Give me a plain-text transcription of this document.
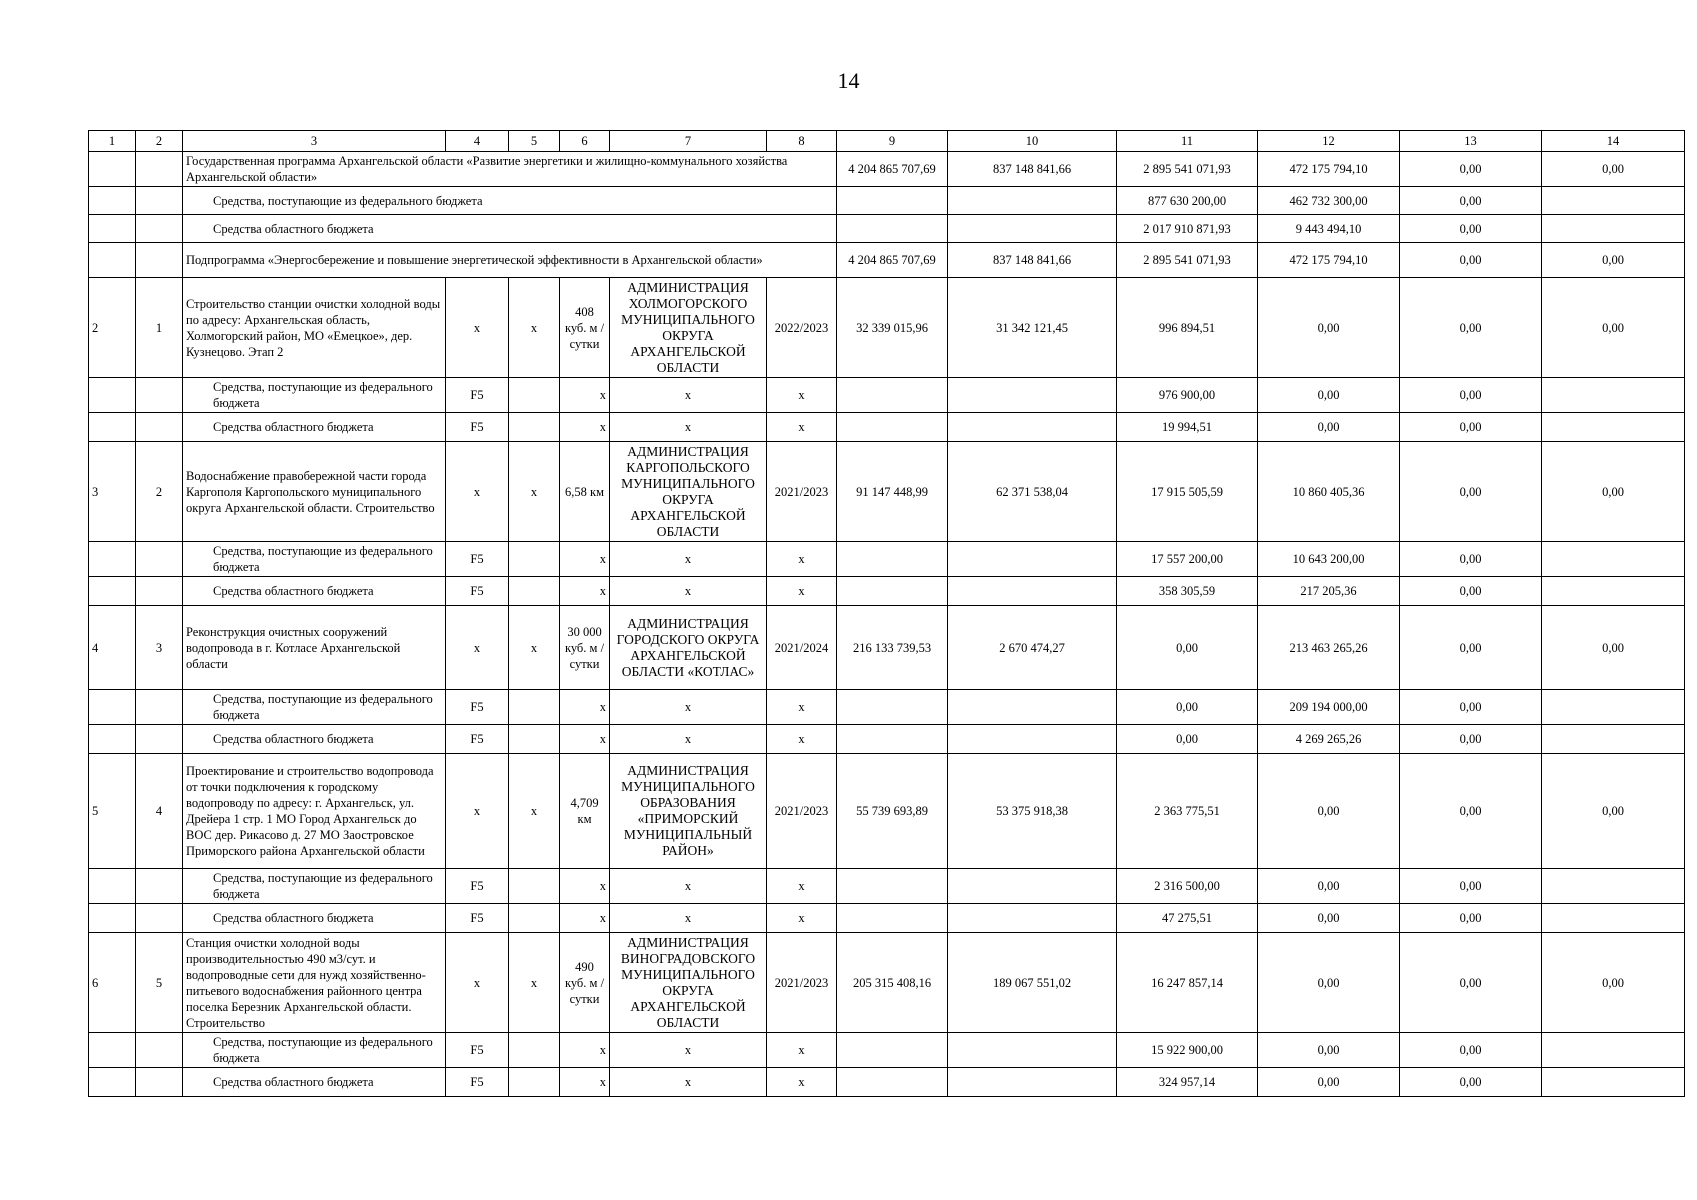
14
1	2	3	4	5	6	7	8	9	10	11	12	13	14
		Государственная программа Архангельской области «Развитие энергетики и жилищно-коммунального хозяйства Архангельской области»						4 204 865 707,69	837 148 841,66	2 895 541 071,93	472 175 794,10	0,00	0,00
		Средства, поступающие из федерального бюджета								877 630 200,00	462 732 300,00	0,00	
		Средства областного бюджета								2 017 910 871,93	9 443 494,10	0,00	
		Подпрограмма «Энергосбережение и повышение энергетической эффективности в Архангельской области»						4 204 865 707,69	837 148 841,66	2 895 541 071,93	472 175 794,10	0,00	0,00
2	1	Строительство станции очистки холодной воды по адресу: Архангельская область, Холмогорский район, МО «Емецкое», дер. Кузнецово. Этап 2	x	x	408 куб. м / сутки	АДМИНИСТРАЦИЯ ХОЛМОГОРСКОГО МУНИЦИПАЛЬНОГО ОКРУГА АРХАНГЕЛЬСКОЙ ОБЛАСТИ	2022/2023	32 339 015,96	31 342 121,45	996 894,51	0,00	0,00	0,00
		Средства, поступающие из федерального бюджета	F5		x	x	x			976 900,00	0,00	0,00	
		Средства областного бюджета	F5		x	x	x			19 994,51	0,00	0,00	
3	2	Водоснабжение правобережной части города Каргополя Каргопольского муниципального округа Архангельской области. Строительство	x	x	6,58 км	АДМИНИСТРАЦИЯ КАРГОПОЛЬСКОГО МУНИЦИПАЛЬНОГО ОКРУГА АРХАНГЕЛЬСКОЙ ОБЛАСТИ	2021/2023	91 147 448,99	62 371 538,04	17 915 505,59	10 860 405,36	0,00	0,00
		Средства, поступающие из федерального бюджета	F5		x	x	x			17 557 200,00	10 643 200,00	0,00	
		Средства областного бюджета	F5		x	x	x			358 305,59	217 205,36	0,00	
4	3	Реконструкция очистных сооружений водопровода в г. Котласе Архангельской области	x	x	30 000 куб. м / сутки	АДМИНИСТРАЦИЯ ГОРОДСКОГО ОКРУГА АРХАНГЕЛЬСКОЙ ОБЛАСТИ «КОТЛАС»	2021/2024	216 133 739,53	2 670 474,27	0,00	213 463 265,26	0,00	0,00
		Средства, поступающие из федерального бюджета	F5		x	x	x			0,00	209 194 000,00	0,00	
		Средства областного бюджета	F5		x	x	x			0,00	4 269 265,26	0,00	
5	4	Проектирование и строительство водопровода от точки подключения к городскому водопроводу по адресу: г. Архангельск, ул. Дрейера 1 стр. 1 МО Город Архангельск до ВОС дер. Рикасово д. 27 МО Заостровское Приморского района Архангельской области	x	x	4,709 км	АДМИНИСТРАЦИЯ МУНИЦИПАЛЬНОГО ОБРАЗОВАНИЯ «ПРИМОРСКИЙ МУНИЦИПАЛЬНЫЙ РАЙОН»	2021/2023	55 739 693,89	53 375 918,38	2 363 775,51	0,00	0,00	0,00
		Средства, поступающие из федерального бюджета	F5		x	x	x			2 316 500,00	0,00	0,00	
		Средства областного бюджета	F5		x	x	x			47 275,51	0,00	0,00	
6	5	Станция очистки холодной воды производительностью 490 м3/сут. и водопроводные сети для нужд хозяйственно-питьевого водоснабжения районного центра поселка Березник Архангельской области. Строительство	x	x	490 куб. м / сутки	АДМИНИСТРАЦИЯ ВИНОГРАДОВСКОГО МУНИЦИПАЛЬНОГО ОКРУГА АРХАНГЕЛЬСКОЙ ОБЛАСТИ	2021/2023	205 315 408,16	189 067 551,02	16 247 857,14	0,00	0,00	0,00
		Средства, поступающие из федерального бюджета	F5		x	x	x			15 922 900,00	0,00	0,00	
		Средства областного бюджета	F5		x	x	x			324 957,14	0,00	0,00	
